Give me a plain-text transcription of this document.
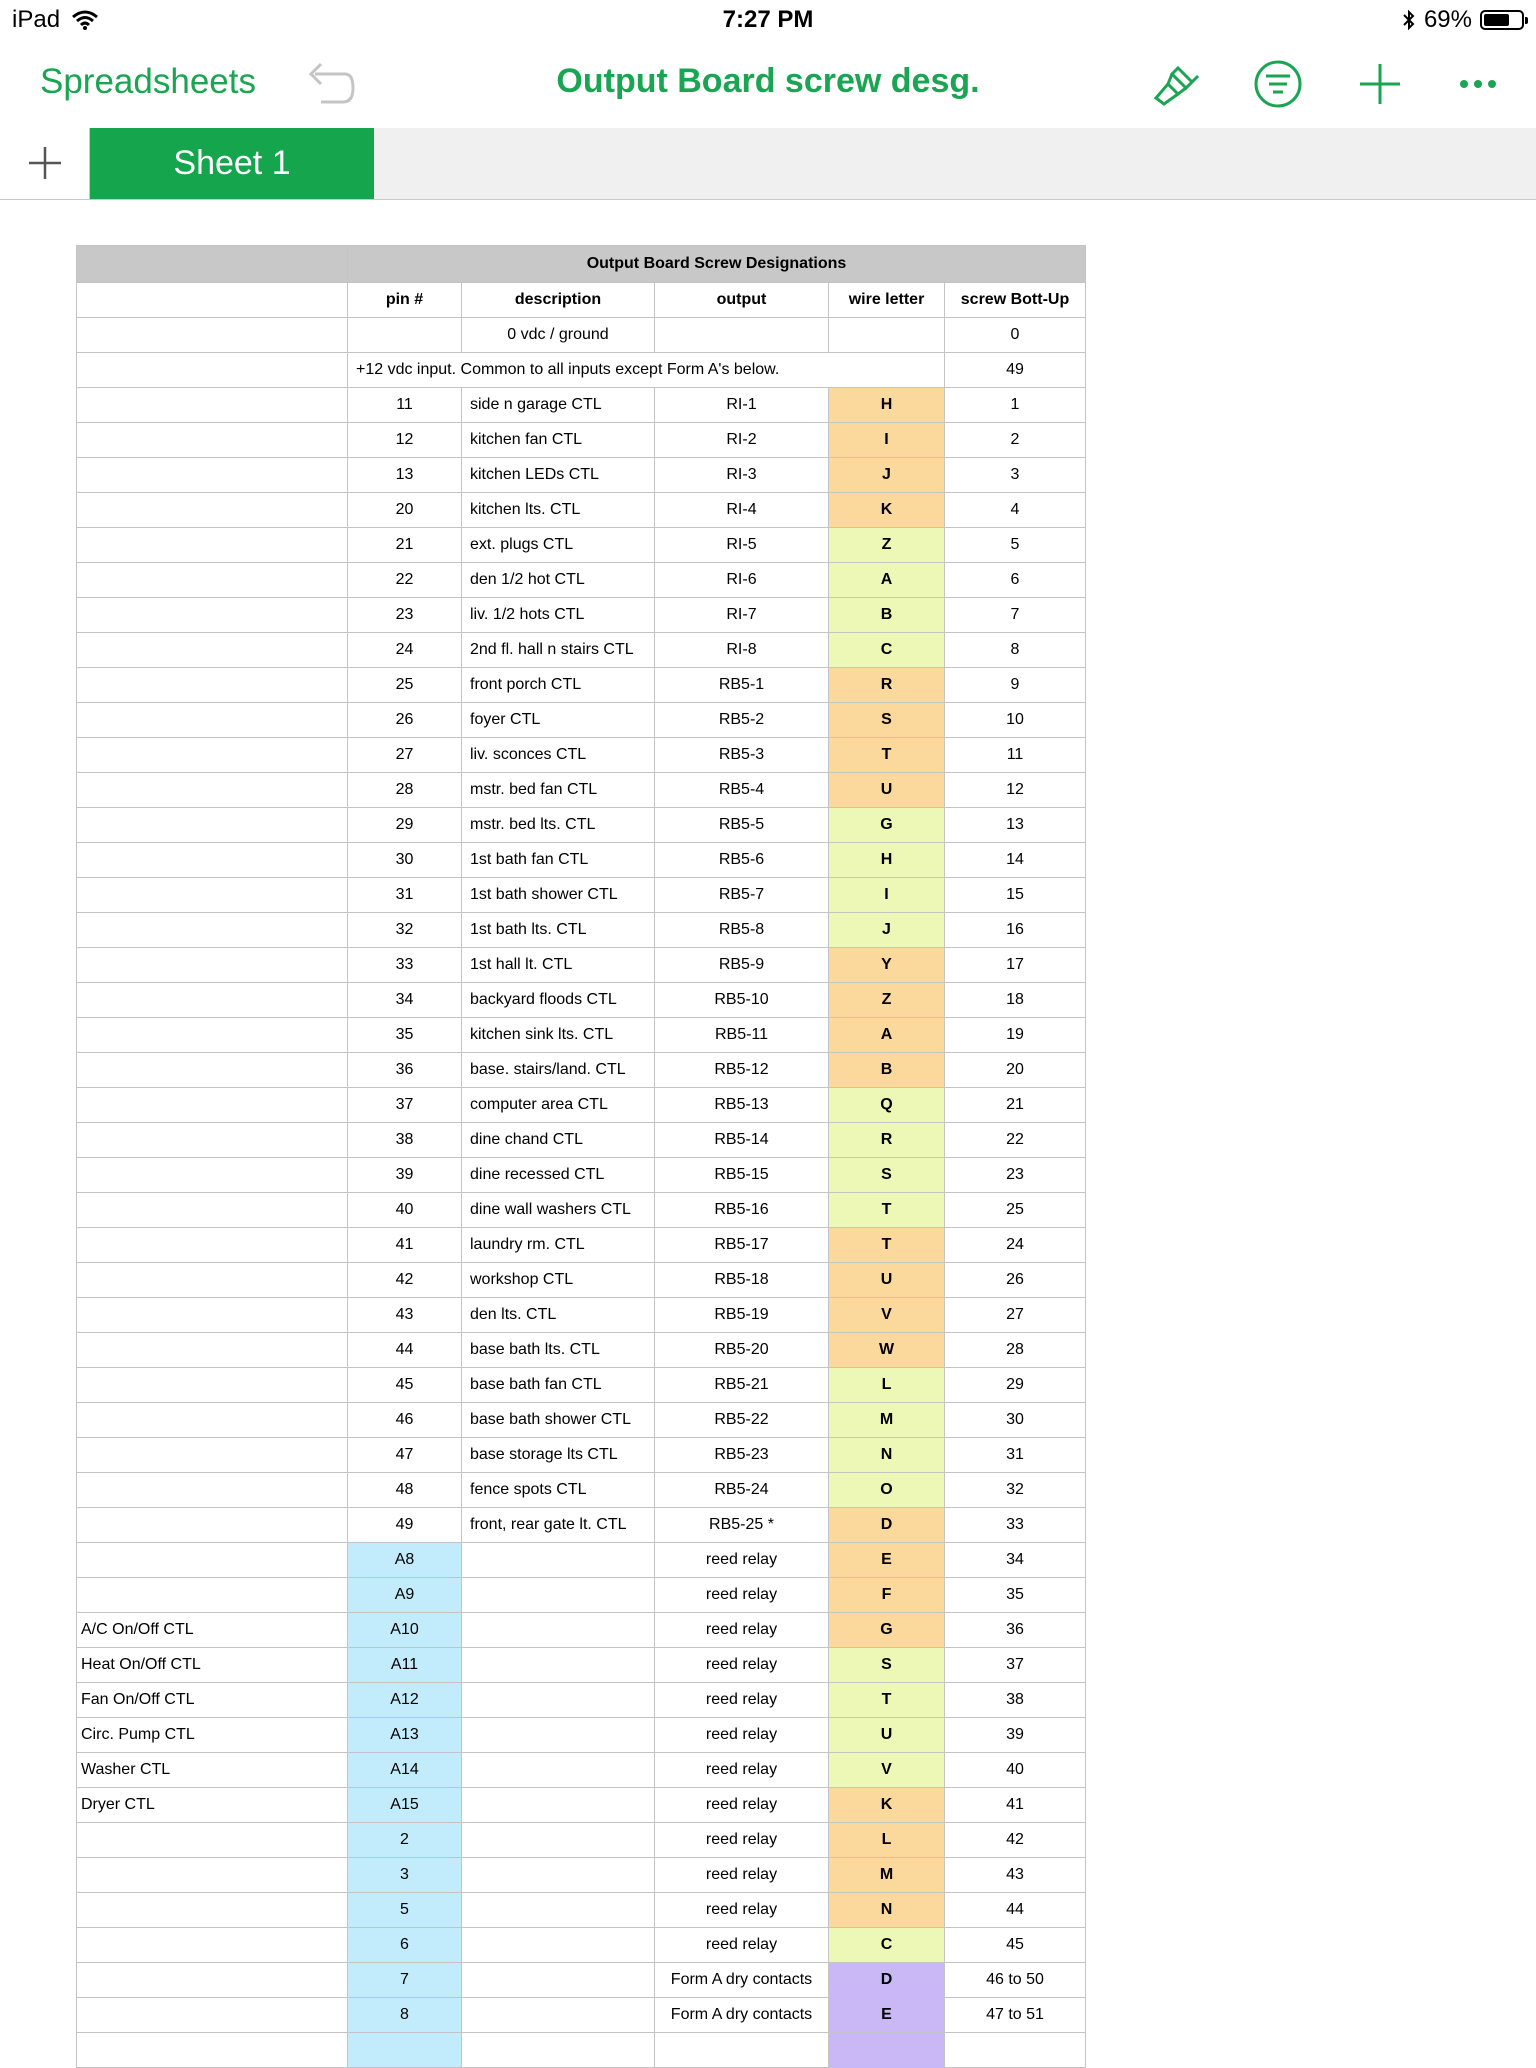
iPad	7:27 PM	69%
Spreadsheets	Output Board screw desg.
Sheet 1
	Output Board Screw Designations				
	pin #	description	output	wire letter	screw Bott-Up
		0 vdc / ground			0
	+12 vdc input. Common to all inputs except Form A's below.				49
	11	side n garage CTL	RI-1	H	1
	12	kitchen fan CTL	RI-2	I	2
	13	kitchen LEDs CTL	RI-3	J	3
	20	kitchen lts. CTL	RI-4	K	4
	21	ext. plugs CTL	RI-5	Z	5
	22	den 1/2 hot CTL	RI-6	A	6
	23	liv. 1/2 hots CTL	RI-7	B	7
	24	2nd fl. hall n stairs CTL	RI-8	C	8
	25	front porch CTL	RB5-1	R	9
	26	foyer CTL	RB5-2	S	10
	27	liv. sconces CTL	RB5-3	T	11
	28	mstr. bed fan CTL	RB5-4	U	12
	29	mstr. bed lts. CTL	RB5-5	G	13
	30	1st bath fan CTL	RB5-6	H	14
	31	1st bath shower CTL	RB5-7	I	15
	32	1st bath lts. CTL	RB5-8	J	16
	33	1st hall lt. CTL	RB5-9	Y	17
	34	backyard floods CTL	RB5-10	Z	18
	35	kitchen sink lts. CTL	RB5-11	A	19
	36	base. stairs/land. CTL	RB5-12	B	20
	37	computer area CTL	RB5-13	Q	21
	38	dine chand CTL	RB5-14	R	22
	39	dine recessed CTL	RB5-15	S	23
	40	dine wall washers CTL	RB5-16	T	25
	41	laundry rm. CTL	RB5-17	T	24
	42	workshop CTL	RB5-18	U	26
	43	den lts. CTL	RB5-19	V	27
	44	base bath lts. CTL	RB5-20	W	28
	45	base bath fan CTL	RB5-21	L	29
	46	base bath shower CTL	RB5-22	M	30
	47	base storage lts CTL	RB5-23	N	31
	48	fence spots CTL	RB5-24	O	32
	49	front, rear gate lt. CTL	RB5-25 *	D	33
	A8		reed relay	E	34
	A9		reed relay	F	35
A/C On/Off CTL	A10		reed relay	G	36
Heat On/Off CTL	A11		reed relay	S	37
Fan On/Off CTL	A12		reed relay	T	38
Circ. Pump CTL	A13		reed relay	U	39
Washer CTL	A14		reed relay	V	40
Dryer CTL	A15		reed relay	K	41
	2		reed relay	L	42
	3		reed relay	M	43
	5		reed relay	N	44
	6		reed relay	C	45
	7		Form A dry contacts	D	46 to 50
	8		Form A dry contacts	E	47 to 51
